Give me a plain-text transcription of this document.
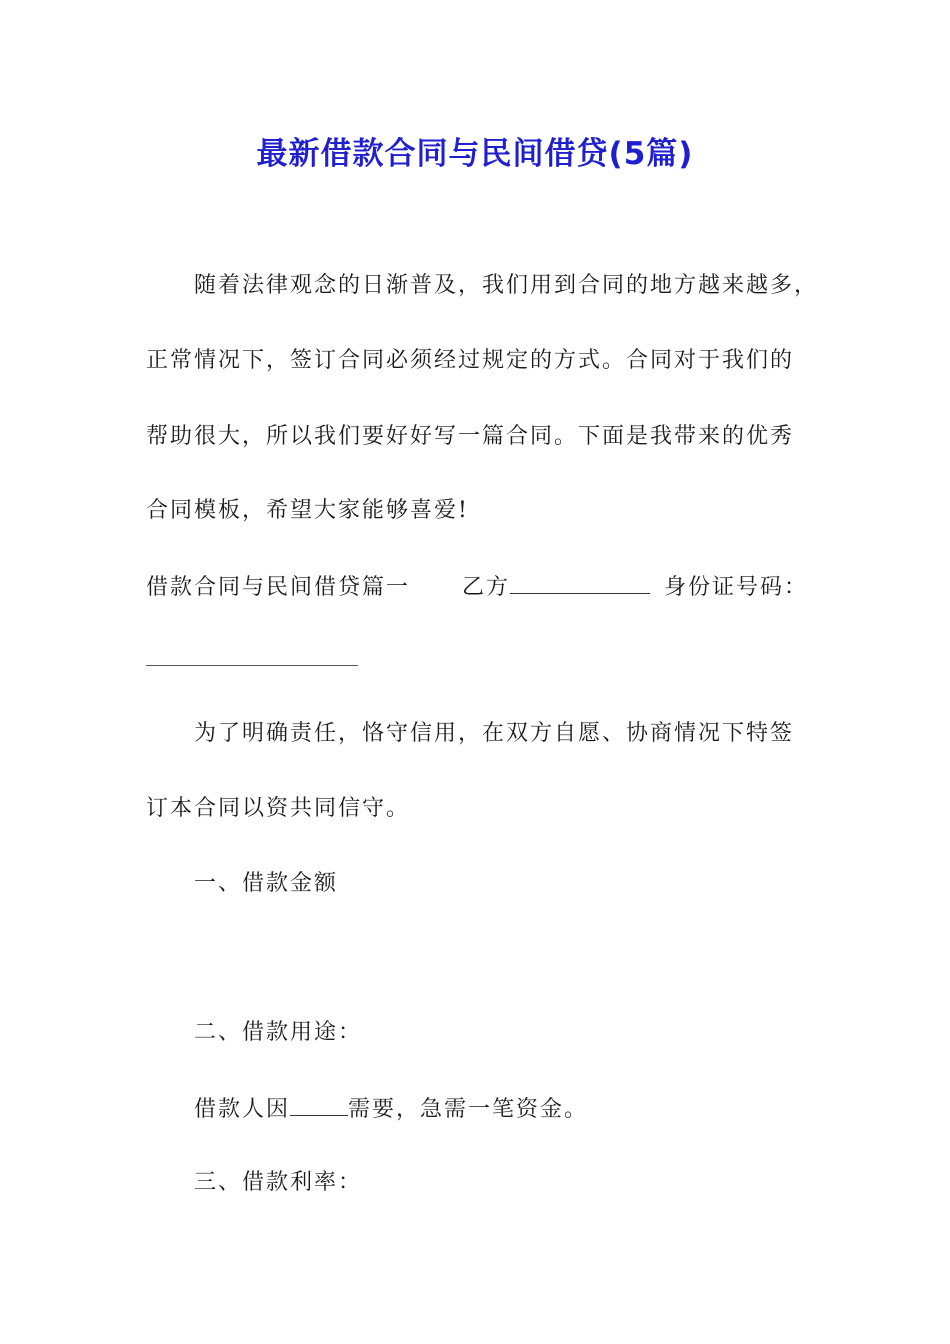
最新借款合同与民间借贷(5篇)
随着法律观念的日渐普及，我们用到合同的地方越来越多，
正常情况下，签订合同必须经过规定的方式。合同对于我们的
帮助很大，所以我们要好好写一篇合同。下面是我带来的优秀
合同模板，希望大家能够喜爱!
借款合同与民间借贷篇一 乙方	身份证号码：
为了明确责任，恪守信用，在双方自愿、协商情况下特签
订本合同以资共同信守。
一、借款金额
二、借款用途：
借款人因	需要，急需一笔资金。
三、借款利率：
